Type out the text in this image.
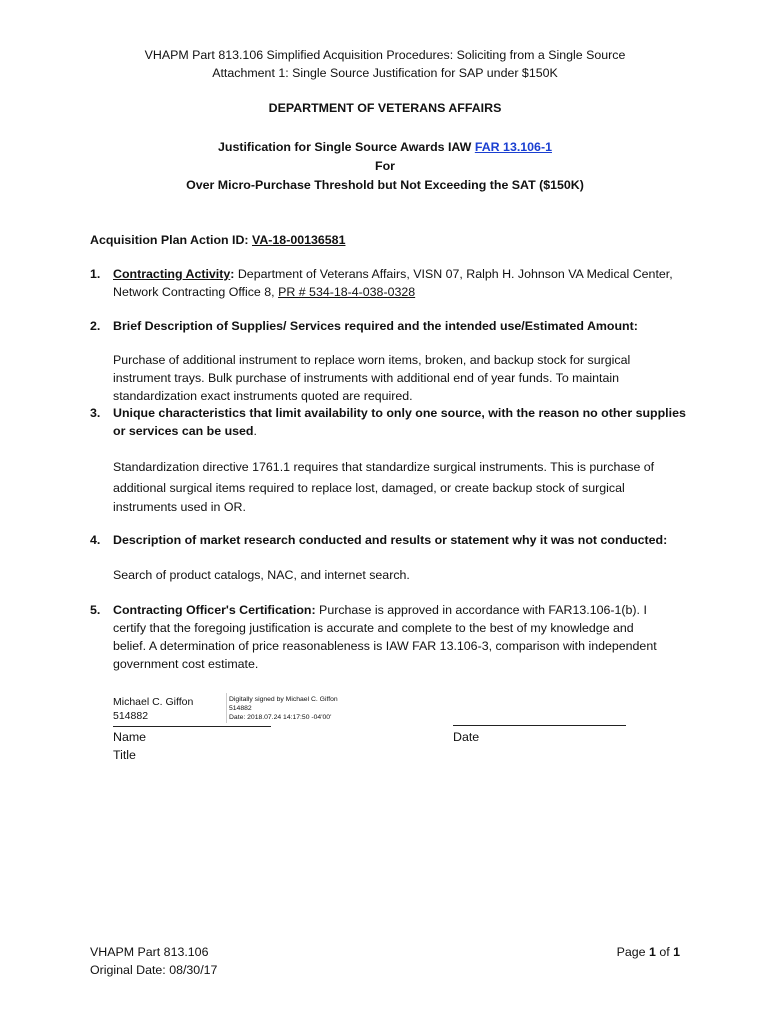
VHAPM Part 813.106 Simplified Acquisition Procedures: Soliciting from a Single Source
Attachment 1: Single Source Justification for SAP under $150K
DEPARTMENT OF VETERANS AFFAIRS
Justification for Single Source Awards IAW FAR 13.106-1
For
Over Micro-Purchase Threshold but Not Exceeding the SAT ($150K)
Acquisition Plan Action ID: VA-18-00136581
1. Contracting Activity: Department of Veterans Affairs, VISN 07, Ralph H. Johnson VA Medical Center,
Network Contracting Office 8, PR # 534-18-4-038-0328
2. Brief Description of Supplies/ Services required and the intended use/Estimated Amount:
Purchase of additional instrument to replace worn items, broken, and backup stock for surgical
instrument trays. Bulk purchase of instruments with additional end of year funds. To maintain
standardization exact instruments quoted are required.
3. Unique characteristics that limit availability to only one source, with the reason no other supplies
or services can be used.
Standardization directive 1761.1 requires that standardize surgical instruments. This is purchase of
additional surgical items required to replace lost, damaged, or create backup stock of surgical
instruments used in OR.
4. Description of market research conducted and results or statement why it was not conducted:
Search of product catalogs, NAC, and internet search.
5. Contracting Officer's Certification: Purchase is approved in accordance with FAR13.106-1(b). I
certify that the foregoing justification is accurate and complete to the best of my knowledge and
belief. A determination of price reasonableness is IAW FAR 13.106-3, comparison with independent
government cost estimate.
Michael C. Giffon
514882
Digitally signed by Michael C. Giffon
514882
Date: 2018.07.24 14:17:50 -04'00'
Name
Title
Date
VHAPM Part 813.106
Original Date: 08/30/17
Page 1 of 1
